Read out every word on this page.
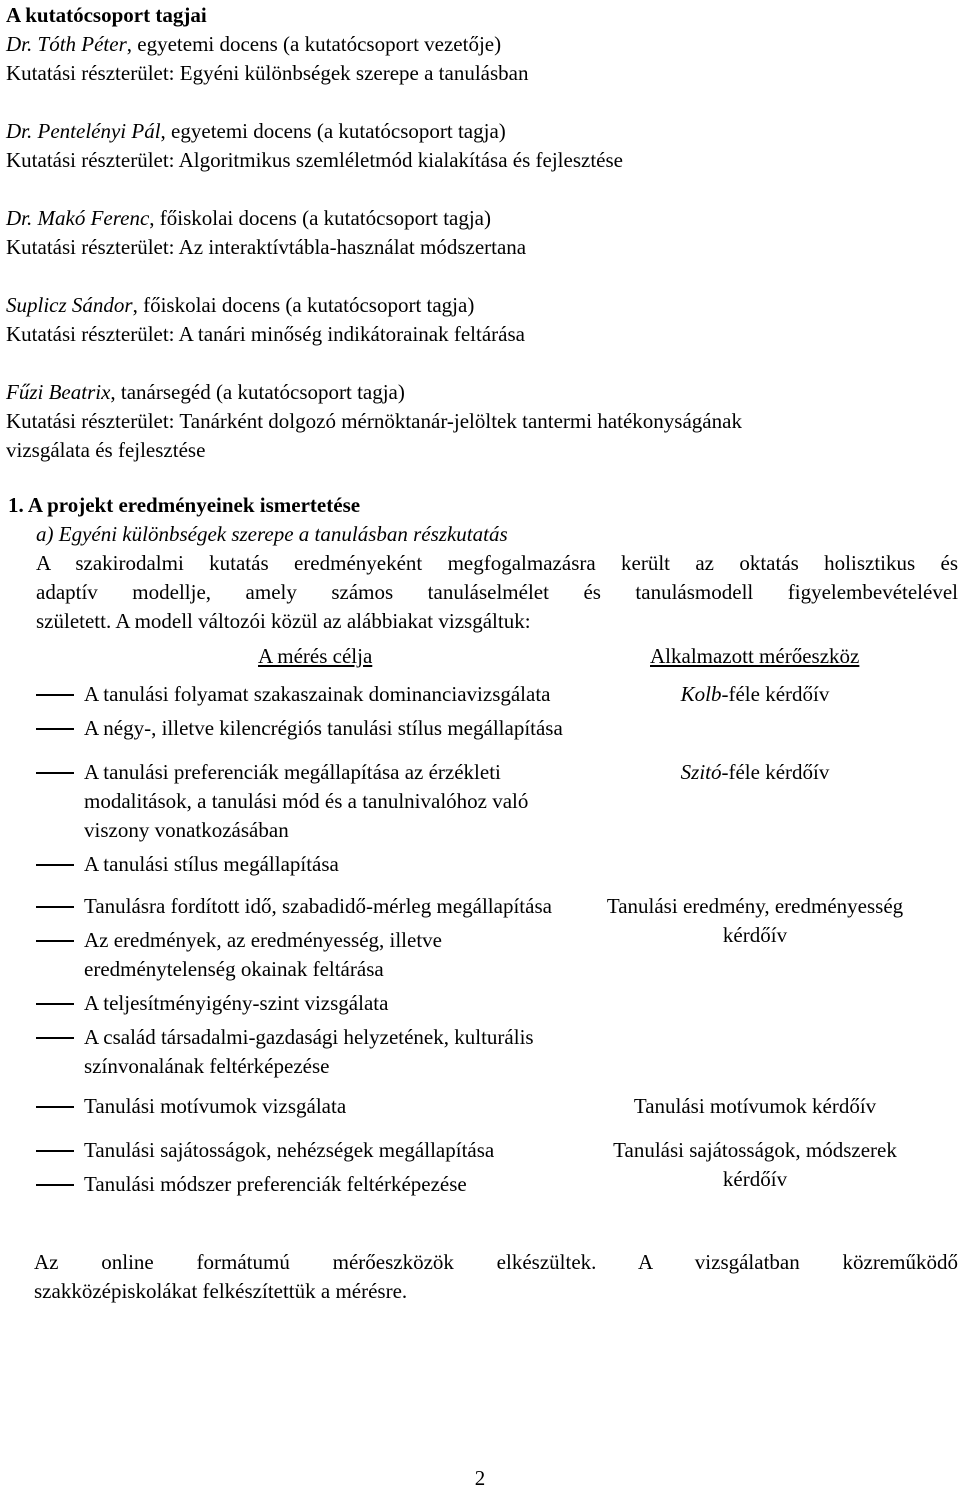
A kutatócsoport tagjai
Dr. Tóth Péter, egyetemi docens (a kutatócsoport vezetője)
Kutatási részterület: Egyéni különbségek szerepe a tanulásban
Dr. Pentelényi Pál, egyetemi docens (a kutatócsoport tagja)
Kutatási részterület: Algoritmikus szemléletmód kialakítása és fejlesztése
Dr. Makó Ferenc, főiskolai docens (a kutatócsoport tagja)
Kutatási részterület: Az interaktívtábla-használat módszertana
Suplicz Sándor, főiskolai docens (a kutatócsoport tagja)
Kutatási részterület: A tanári minőség indikátorainak feltárása
Fűzi Beatrix, tanársegéd (a kutatócsoport tagja)
Kutatási részterület: Tanárként dolgozó mérnöktanár-jelöltek tantermi hatékonyságának
vizsgálata és fejlesztése
1. A projekt eredményeinek ismertetése
a) Egyéni különbségek szerepe a tanulásban részkutatás
A szakirodalmi kutatás eredményeként megfogalmazásra került az oktatás holisztikus és
adaptív modellje, amely számos tanuláselmélet és tanulásmodell figyelembevételével
született. A modell változói közül az alábbiakat vizsgáltuk:
A mérés célja	Alkalmazott mérőeszköz
A tanulási folyamat szakaszainak dominanciavizsgálata
A négy-, illetve kilencrégiós tanulási stílus megállapítása
Kolb-féle kérdőív
A tanulási preferenciák megállapítása az érzékleti modalitások, a tanulási mód és a tanulnivalóhoz való viszony vonatkozásában
A tanulási stílus megállapítása
Szitó-féle kérdőív
Tanulásra fordított idő, szabadidő-mérleg megállapítása
Az eredmények, az eredményesség, illetve eredménytelenség okainak feltárása
A teljesítményigény-szint vizsgálata
A család társadalmi-gazdasági helyzetének, kulturális színvonalának feltérképezése
Tanulási eredmény, eredményesség kérdőív
Tanulási motívumok vizsgálata	Tanulási motívumok kérdőív
Tanulási sajátosságok, nehézségek megállapítása
Tanulási módszer preferenciák feltérképezése
Tanulási sajátosságok, módszerek kérdőív
Az online formátumú mérőeszközök elkészültek. A vizsgálatban közreműködő
szakközépiskolákat felkészítettük a mérésre.
2
